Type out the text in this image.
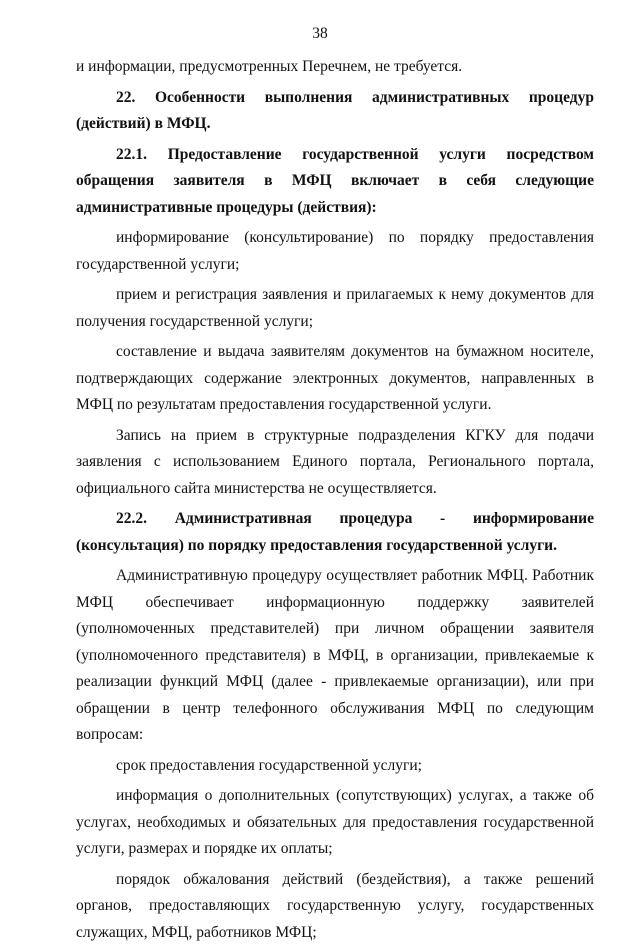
38

и информации, предусмотренных Перечнем, не требуется.

22. Особенности выполнения административных процедур (действий) в МФЦ.

22.1. Предоставление государственной услуги посредством обращения заявителя в МФЦ включает в себя следующие административные процедуры (действия):

информирование (консультирование) по порядку предоставления государственной услуги;

прием и регистрация заявления и прилагаемых к нему документов для получения государственной услуги;

составление и выдача заявителям документов на бумажном носителе, подтверждающих содержание электронных документов, направленных в МФЦ по результатам предоставления государственной услуги.

Запись на прием в структурные подразделения КГКУ для подачи заявления с использованием Единого портала, Регионального портала, официального сайта министерства не осуществляется.

22.2. Административная процедура - информирование (консультация) по порядку предоставления государственной услуги.

Административную процедуру осуществляет работник МФЦ. Работник МФЦ обеспечивает информационную поддержку заявителей (уполномоченных представителей) при личном обращении заявителя (уполномоченного представителя) в МФЦ, в организации, привлекаемые к реализации функций МФЦ (далее - привлекаемые организации), или при обращении в центр телефонного обслуживания МФЦ по следующим вопросам:

срок предоставления государственной услуги;

информация о дополнительных (сопутствующих) услугах, а также об услугах, необходимых и обязательных для предоставления государственной услуги, размерах и порядке их оплаты;

порядок обжалования действий (бездействия), а также решений органов, предоставляющих государственную услугу, государственных служащих, МФЦ, работников МФЦ;
